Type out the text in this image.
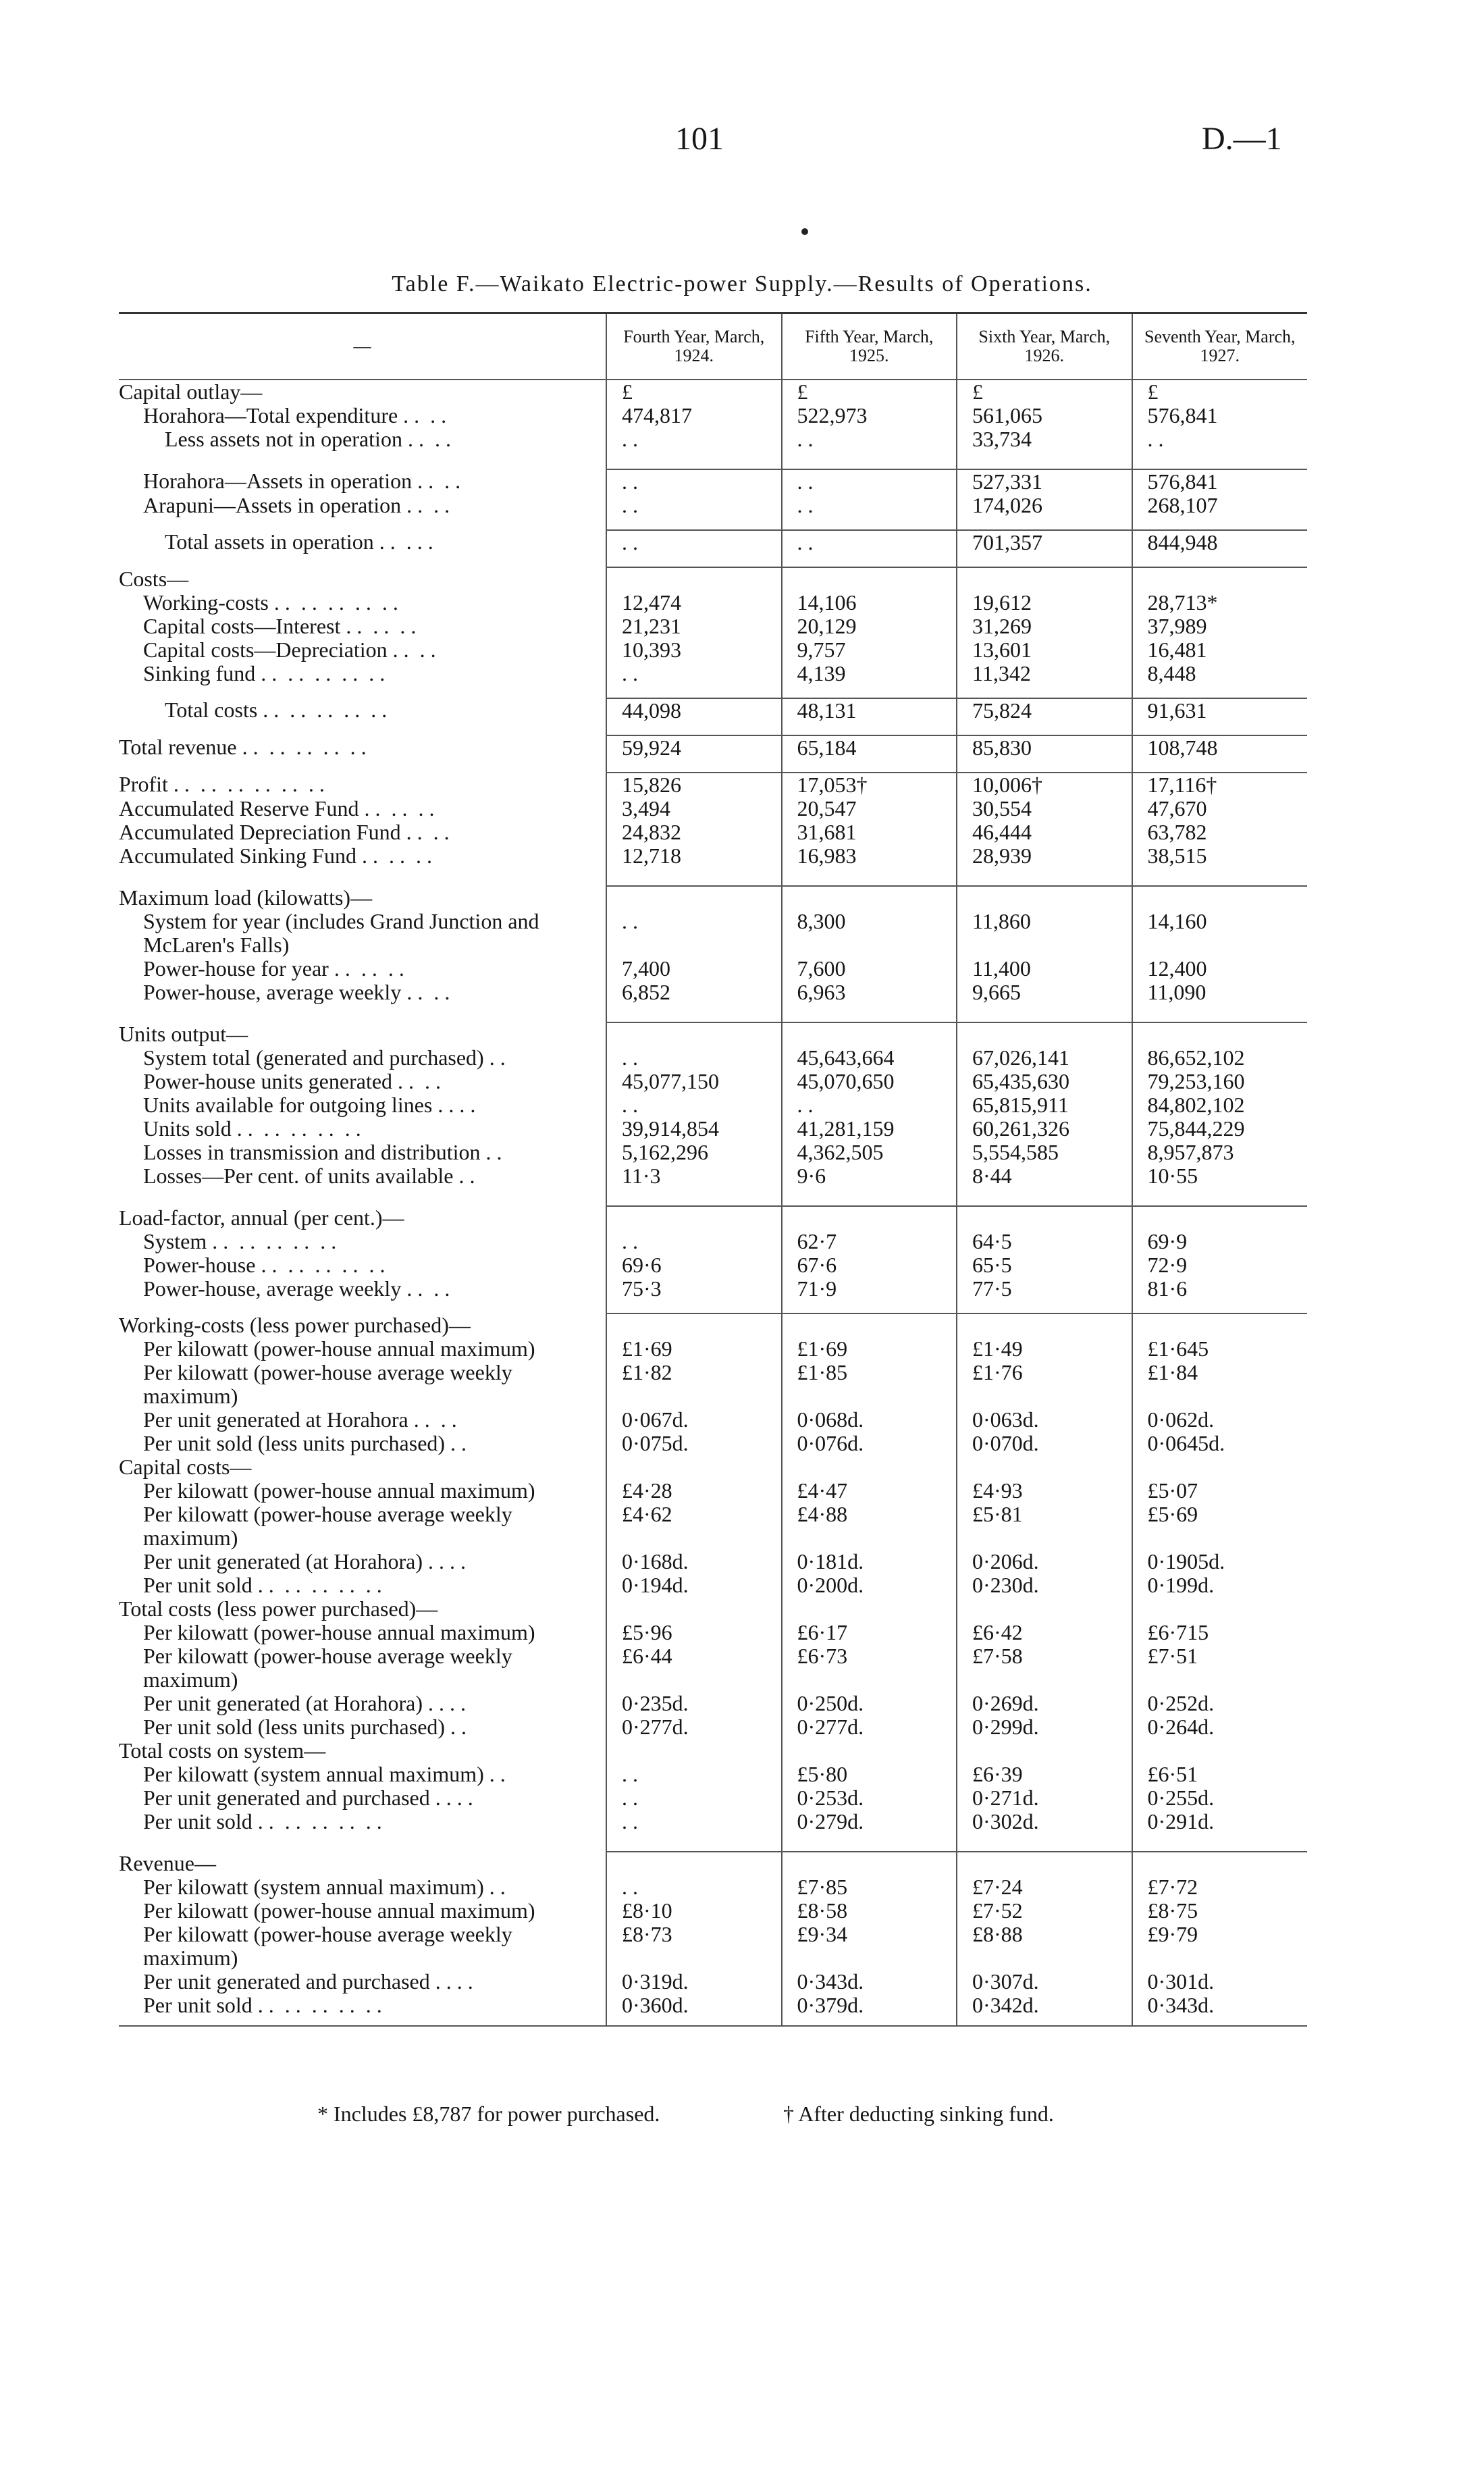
101	D.—1
Table F.—Waikato Electric-power Supply.—Results of Operations.
—	Fourth Year, March, 1924.	Fifth Year, March, 1925.	Sixth Year, March, 1926.	Seventh Year, March, 1927.
Capital outlay—	£	£	£	£
Horahora—Total expenditure . .  . .	474,817	522,973	561,065	576,841
Less assets not in operation . .  . .	. .	. .	33,734	. .

Horahora—Assets in operation . .  . .	. .	. .	527,331	576,841
Arapuni—Assets in operation . .  . .	. .	. .	174,026	268,107

Total assets in operation . .  . . .	. .	. .	701,357	844,948

Costs—				
Working-costs . .  . .  . .  . .  . .	12,474	14,106	19,612	28,713*
Capital costs—Interest . .  . .  . .	21,231	20,129	31,269	37,989
Capital costs—Depreciation . .  . .	10,393	9,757	13,601	16,481
Sinking fund . .  . .  . .  . .  . .	. .	4,139	11,342	8,448

Total costs . .  . .  . .  . .  . .	44,098	48,131	75,824	91,631

Total revenue . .  . .  . .  . .  . .	59,924	65,184	85,830	108,748

Profit . .  . .  . .  . .  . .  . .	15,826	17,053†	10,006†	17,116†
Accumulated Reserve Fund . .  . .  . .	3,494	20,547	30,554	47,670
Accumulated Depreciation Fund . .  . .	24,832	31,681	46,444	63,782
Accumulated Sinking Fund . .  . .  . .	12,718	16,983	28,939	38,515

Maximum load (kilowatts)—				

System for year (includes Grand Junction and McLaren's Falls)	. .	8,300	11,860	14,160
Power-house for year . .  . .  . .	7,400	7,600	11,400	12,400
Power-house, average weekly . .  . .	6,852	6,963	9,665	11,090

Units output—				
System total (generated and purchased) . .	. .	45,643,664	67,026,141	86,652,102
Power-house units generated . .  . .	45,077,150	45,070,650	65,435,630	79,253,160
Units available for outgoing lines . . . .	. .	. .	65,815,911	84,802,102
Units sold . .  . .  . .  . .  . .	39,914,854	41,281,159	60,261,326	75,844,229
Losses in transmission and distribution . .	5,162,296	4,362,505	5,554,585	8,957,873
Losses—Per cent. of units available . .	11·3	9·6	8·44	10·55

Load-factor, annual (per cent.)—				
System . .  . .  . .  . .  . .	. .	62·7	64·5	69·9
Power-house . .  . .  . .  . .  . .	69·6	67·6	65·5	72·9
Power-house, average weekly . .  . .	75·3	71·9	77·5	81·6

Working-costs (less power purchased)—				
Per kilowatt (power-house annual maximum)	£1·69	£1·69	£1·49	£1·645

Per kilowatt (power-house average weekly maximum)	£1·82	£1·85	£1·76	£1·84
Per unit generated at Horahora . .  . .	0·067d.	0·068d.	0·063d.	0·062d.
Per unit sold (less units purchased) . .	0·075d.	0·076d.	0·070d.	0·0645d.
Capital costs—				
Per kilowatt (power-house annual maximum)	£4·28	£4·47	£4·93	£5·07

Per kilowatt (power-house average weekly maximum)	£4·62	£4·88	£5·81	£5·69
Per unit generated (at Horahora) . . . .	0·168d.	0·181d.	0·206d.	0·1905d.
Per unit sold . .  . .  . .  . .  . .	0·194d.	0·200d.	0·230d.	0·199d.
Total costs (less power purchased)—				
Per kilowatt (power-house annual maximum)	£5·96	£6·17	£6·42	£6·715

Per kilowatt (power-house average weekly maximum)	£6·44	£6·73	£7·58	£7·51
Per unit generated (at Horahora) . . . .	0·235d.	0·250d.	0·269d.	0·252d.
Per unit sold (less units purchased) . .	0·277d.	0·277d.	0·299d.	0·264d.
Total costs on system—				
Per kilowatt (system annual maximum) . .	. .	£5·80	£6·39	£6·51
Per unit generated and purchased . . . .	. .	0·253d.	0·271d.	0·255d.
Per unit sold . .  . .  . .  . .  . .	. .	0·279d.	0·302d.	0·291d.

Revenue—				
Per kilowatt (system annual maximum) . .	. .	£7·85	£7·24	£7·72
Per kilowatt (power-house annual maximum)	£8·10	£8·58	£7·52	£8·75

Per kilowatt (power-house average weekly maximum)	£8·73	£9·34	£8·88	£9·79
Per unit generated and purchased . . . .	0·319d.	0·343d.	0·307d.	0·301d.
Per unit sold . .  . .  . .  . .  . .	0·360d.	0·379d.	0·342d.	0·343d.
* Includes £8,787 for power purchased.	† After deducting sinking fund.
